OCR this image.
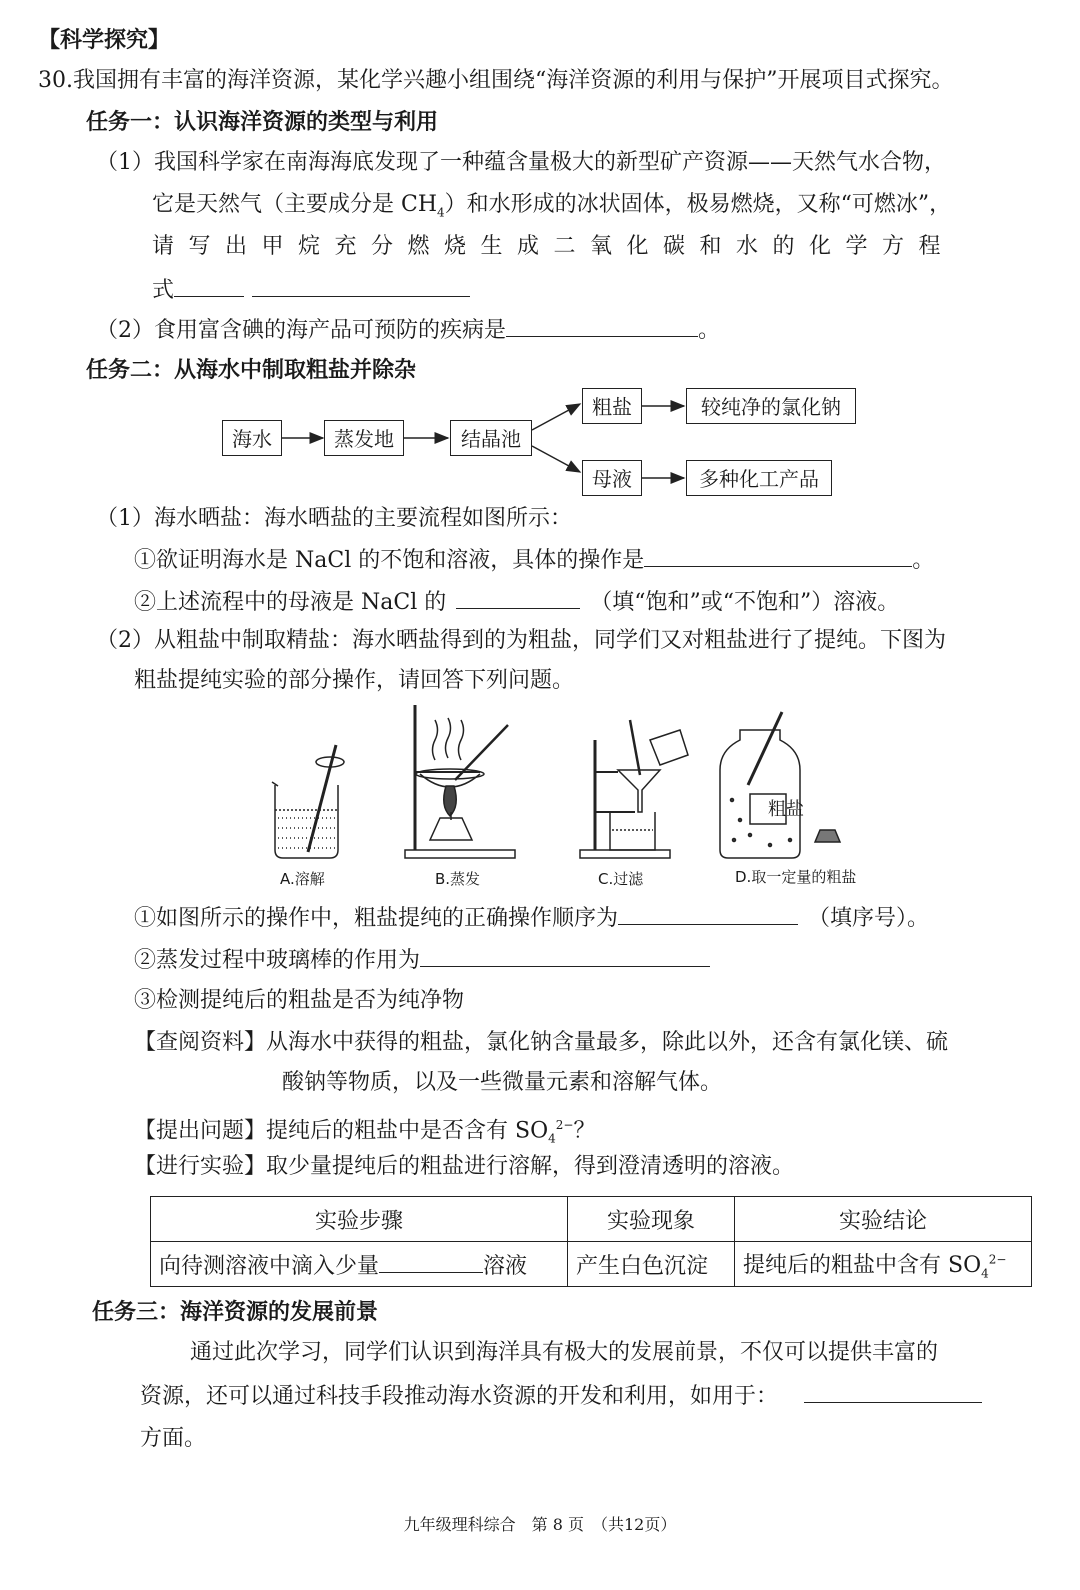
【科学探究】
30.我国拥有丰富的海洋资源，某化学兴趣小组围绕“海洋资源的利用与保护”开展项目式探究。
任务一：认识海洋资源的类型与利用
（1）我国科学家在南海海底发现了一种蕴含量极大的新型矿产资源——天然气水合物，
它是天然气（主要成分是 $CH_4$）和水形成的冰状固体，极易燃烧，又称“可燃冰”，
请写出甲烷充分燃烧生成二氧化碳和水的化学方程
式
（2）食用富含碘的海产品可预防的疾病是	。
任务二：从海水中制取粗盐并除杂
海水	蒸发地	结晶池
粗盐
母液
较纯净的氯化钠
多种化工产品
（1）海水晒盐：海水晒盐的主要流程如图所示：
①欲证明海水是 NaCl 的不饱和溶液，具体的操作是	。
②上述流程中的母液是 NaCl 的	（填“饱和”或“不饱和”）溶液。
（2）从粗盐中制取精盐：海水晒盐得到的为粗盐，同学们又对粗盐进行了提纯。下图为
粗盐提纯实验的部分操作，请回答下列问题。
粗盐
A.溶解	B.蒸发	C.过滤	D.取一定量的粗盐
①如图所示的操作中，粗盐提纯的正确操作顺序为	（填序号）。
②蒸发过程中玻璃棒的作用为
③检测提纯后的粗盐是否为纯净物
【查阅资料】从海水中获得的粗盐，氯化钠含量最多，除此以外，还含有氯化镁、硫
酸钠等物质，以及一些微量元素和溶解气体。
【提出问题】提纯后的粗盐中是否含有 $SO_4^{2-}$？
【进行实验】取少量提纯后的粗盐进行溶解，得到澄清透明的溶液。
实验步骤	实验现象	实验结论
向待测溶液中滴入少量 溶液	产生白色沉淀	提纯后的粗盐中含有 $SO_4^{2-}$
任务三：海洋资源的发展前景
通过此次学习，同学们认识到海洋具有极大的发展前景，不仅可以提供丰富的
资源，还可以通过科技手段推动海水资源的开发和利用，如用于：
方面。
九年级理科综合　第 8 页　（共12页）
